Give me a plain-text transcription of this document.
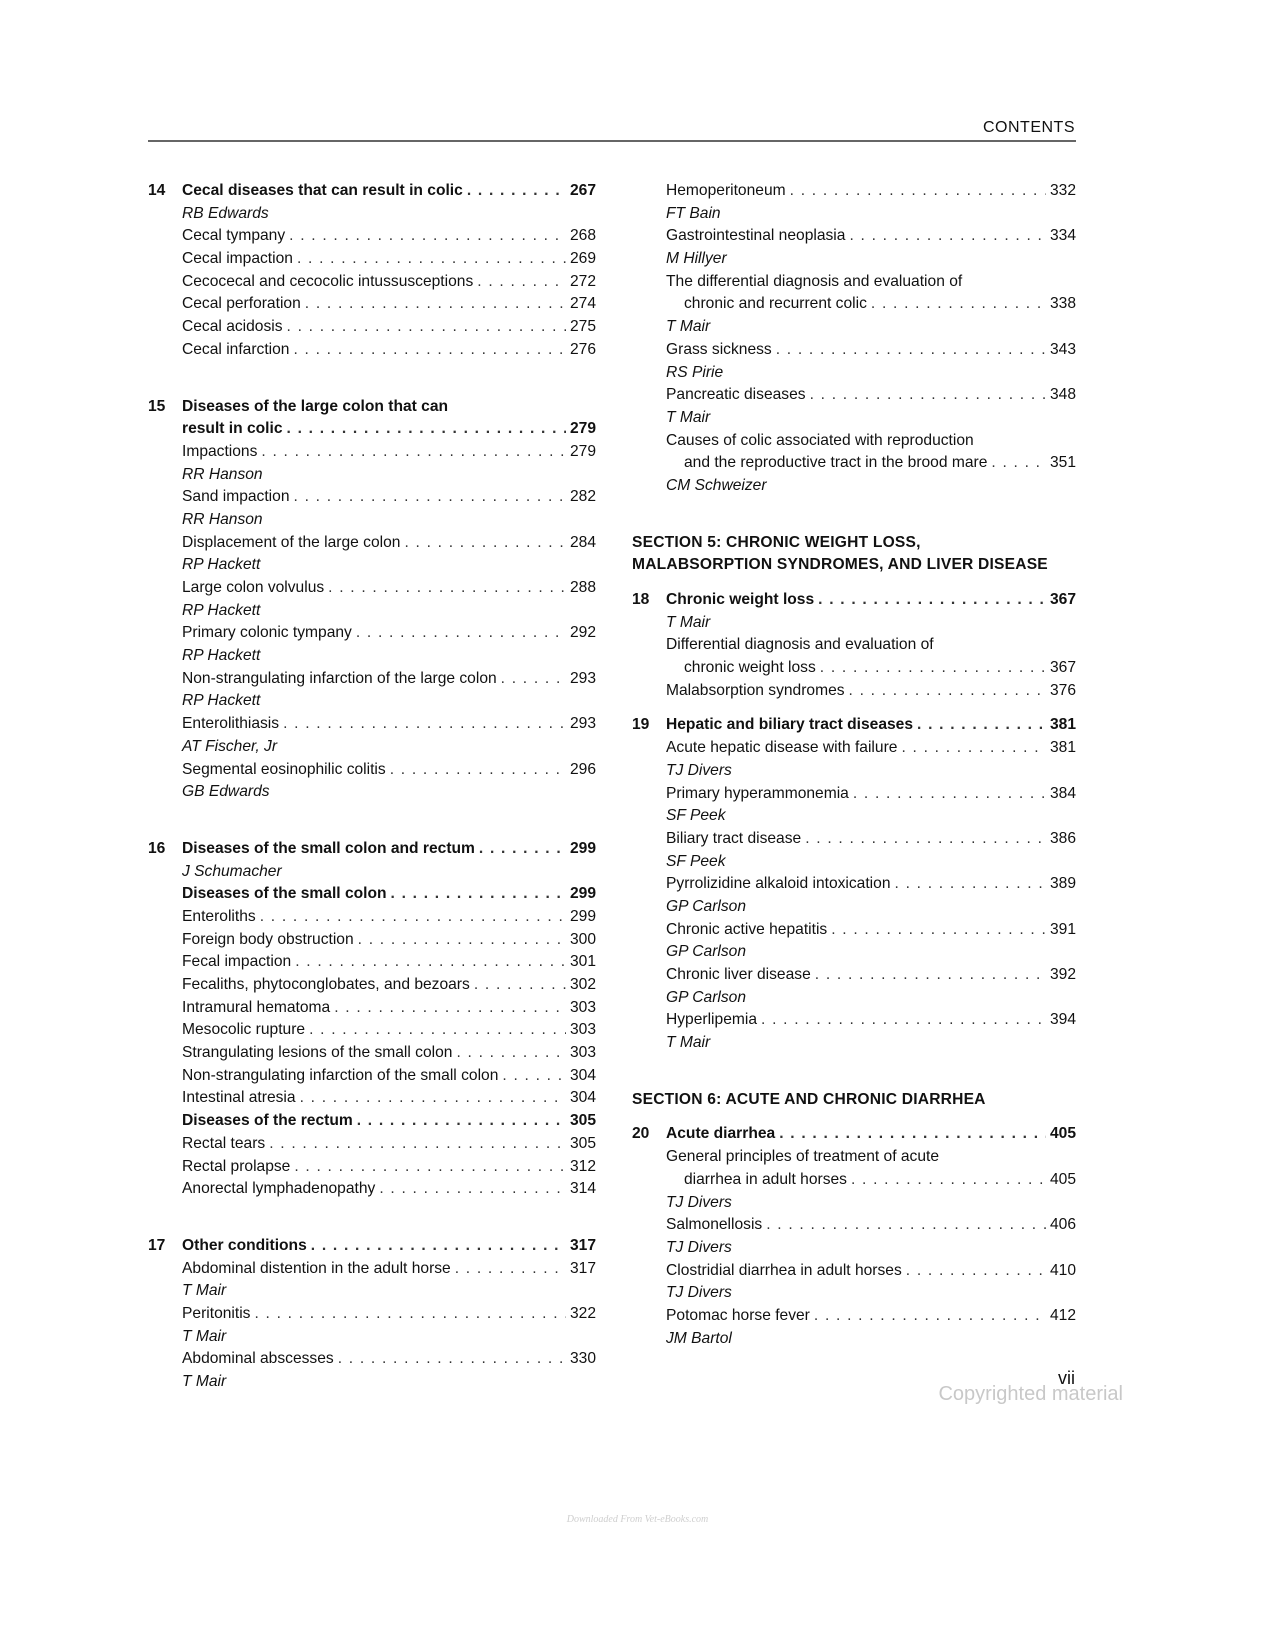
CONTENTS
14	Cecal diseases that can result in colic . . .	267
RB Edwards
Cecal tympany . . .	268
Cecal impaction . . .	269
Cecocecal and cecocolic intussusceptions . . .	272
Cecal perforation . . .	274
Cecal acidosis . . .	275
Cecal infarction . . .	276
15	Diseases of the large colon that can
result in colic . . .	279
Impactions . . .	279
RR Hanson
Sand impaction . . .	282
RR Hanson
Displacement of the large colon . . .	284
RP Hackett
Large colon volvulus . . .	288
RP Hackett
Primary colonic tympany . . .	292
RP Hackett
Non-strangulating infarction of the large colon . . .	293
RP Hackett
Enterolithiasis . . .	293
AT Fischer, Jr
Segmental eosinophilic colitis . . .	296
GB Edwards
16	Diseases of the small colon and rectum . . .	299
J Schumacher
Diseases of the small colon . . .	299
Enteroliths . . .	299
Foreign body obstruction . . .	300
Fecal impaction . . .	301
Fecaliths, phytoconglobates, and bezoars . . .	302
Intramural hematoma . . .	303
Mesocolic rupture . . .	303
Strangulating lesions of the small colon . . .	303
Non-strangulating infarction of the small colon . . .	304
Intestinal atresia . . .	304
Diseases of the rectum . . .	305
Rectal tears . . .	305
Rectal prolapse . . .	312
Anorectal lymphadenopathy . . .	314
17	Other conditions . . .	317
Abdominal distention in the adult horse . . .	317
T Mair
Peritonitis . . .	322
T Mair
Abdominal abscesses . . .	330
T Mair
Hemoperitoneum . . .	332
FT Bain
Gastrointestinal neoplasia . . .	334
M Hillyer
The differential diagnosis and evaluation of
chronic and recurrent colic . . .	338
T Mair
Grass sickness . . .	343
RS Pirie
Pancreatic diseases . . .	348
T Mair
Causes of colic associated with reproduction
and the reproductive tract in the brood mare . . .	351
CM Schweizer
SECTION 5: CHRONIC WEIGHT LOSS,
MALABSORPTION SYNDROMES, AND LIVER DISEASE
18	Chronic weight loss . . .	367
T Mair
Differential diagnosis and evaluation of
chronic weight loss . . .	367
Malabsorption syndromes . . .	376
19	Hepatic and biliary tract diseases . . .	381
Acute hepatic disease with failure . . .	381
TJ Divers
Primary hyperammonemia . . .	384
SF Peek
Biliary tract disease . . .	386
SF Peek
Pyrrolizidine alkaloid intoxication . . .	389
GP Carlson
Chronic active hepatitis . . .	391
GP Carlson
Chronic liver disease . . .	392
GP Carlson
Hyperlipemia . . .	394
T Mair
SECTION 6: ACUTE AND CHRONIC DIARRHEA
20	Acute diarrhea . . .	405
General principles of treatment of acute
diarrhea in adult horses . . .	405
TJ Divers
Salmonellosis . . .	406
TJ Divers
Clostridial diarrhea in adult horses . . .	410
TJ Divers
Potomac horse fever . . .	412
JM Bartol
vii
Copyrighted material
Downloaded From Vet-eBooks.com
